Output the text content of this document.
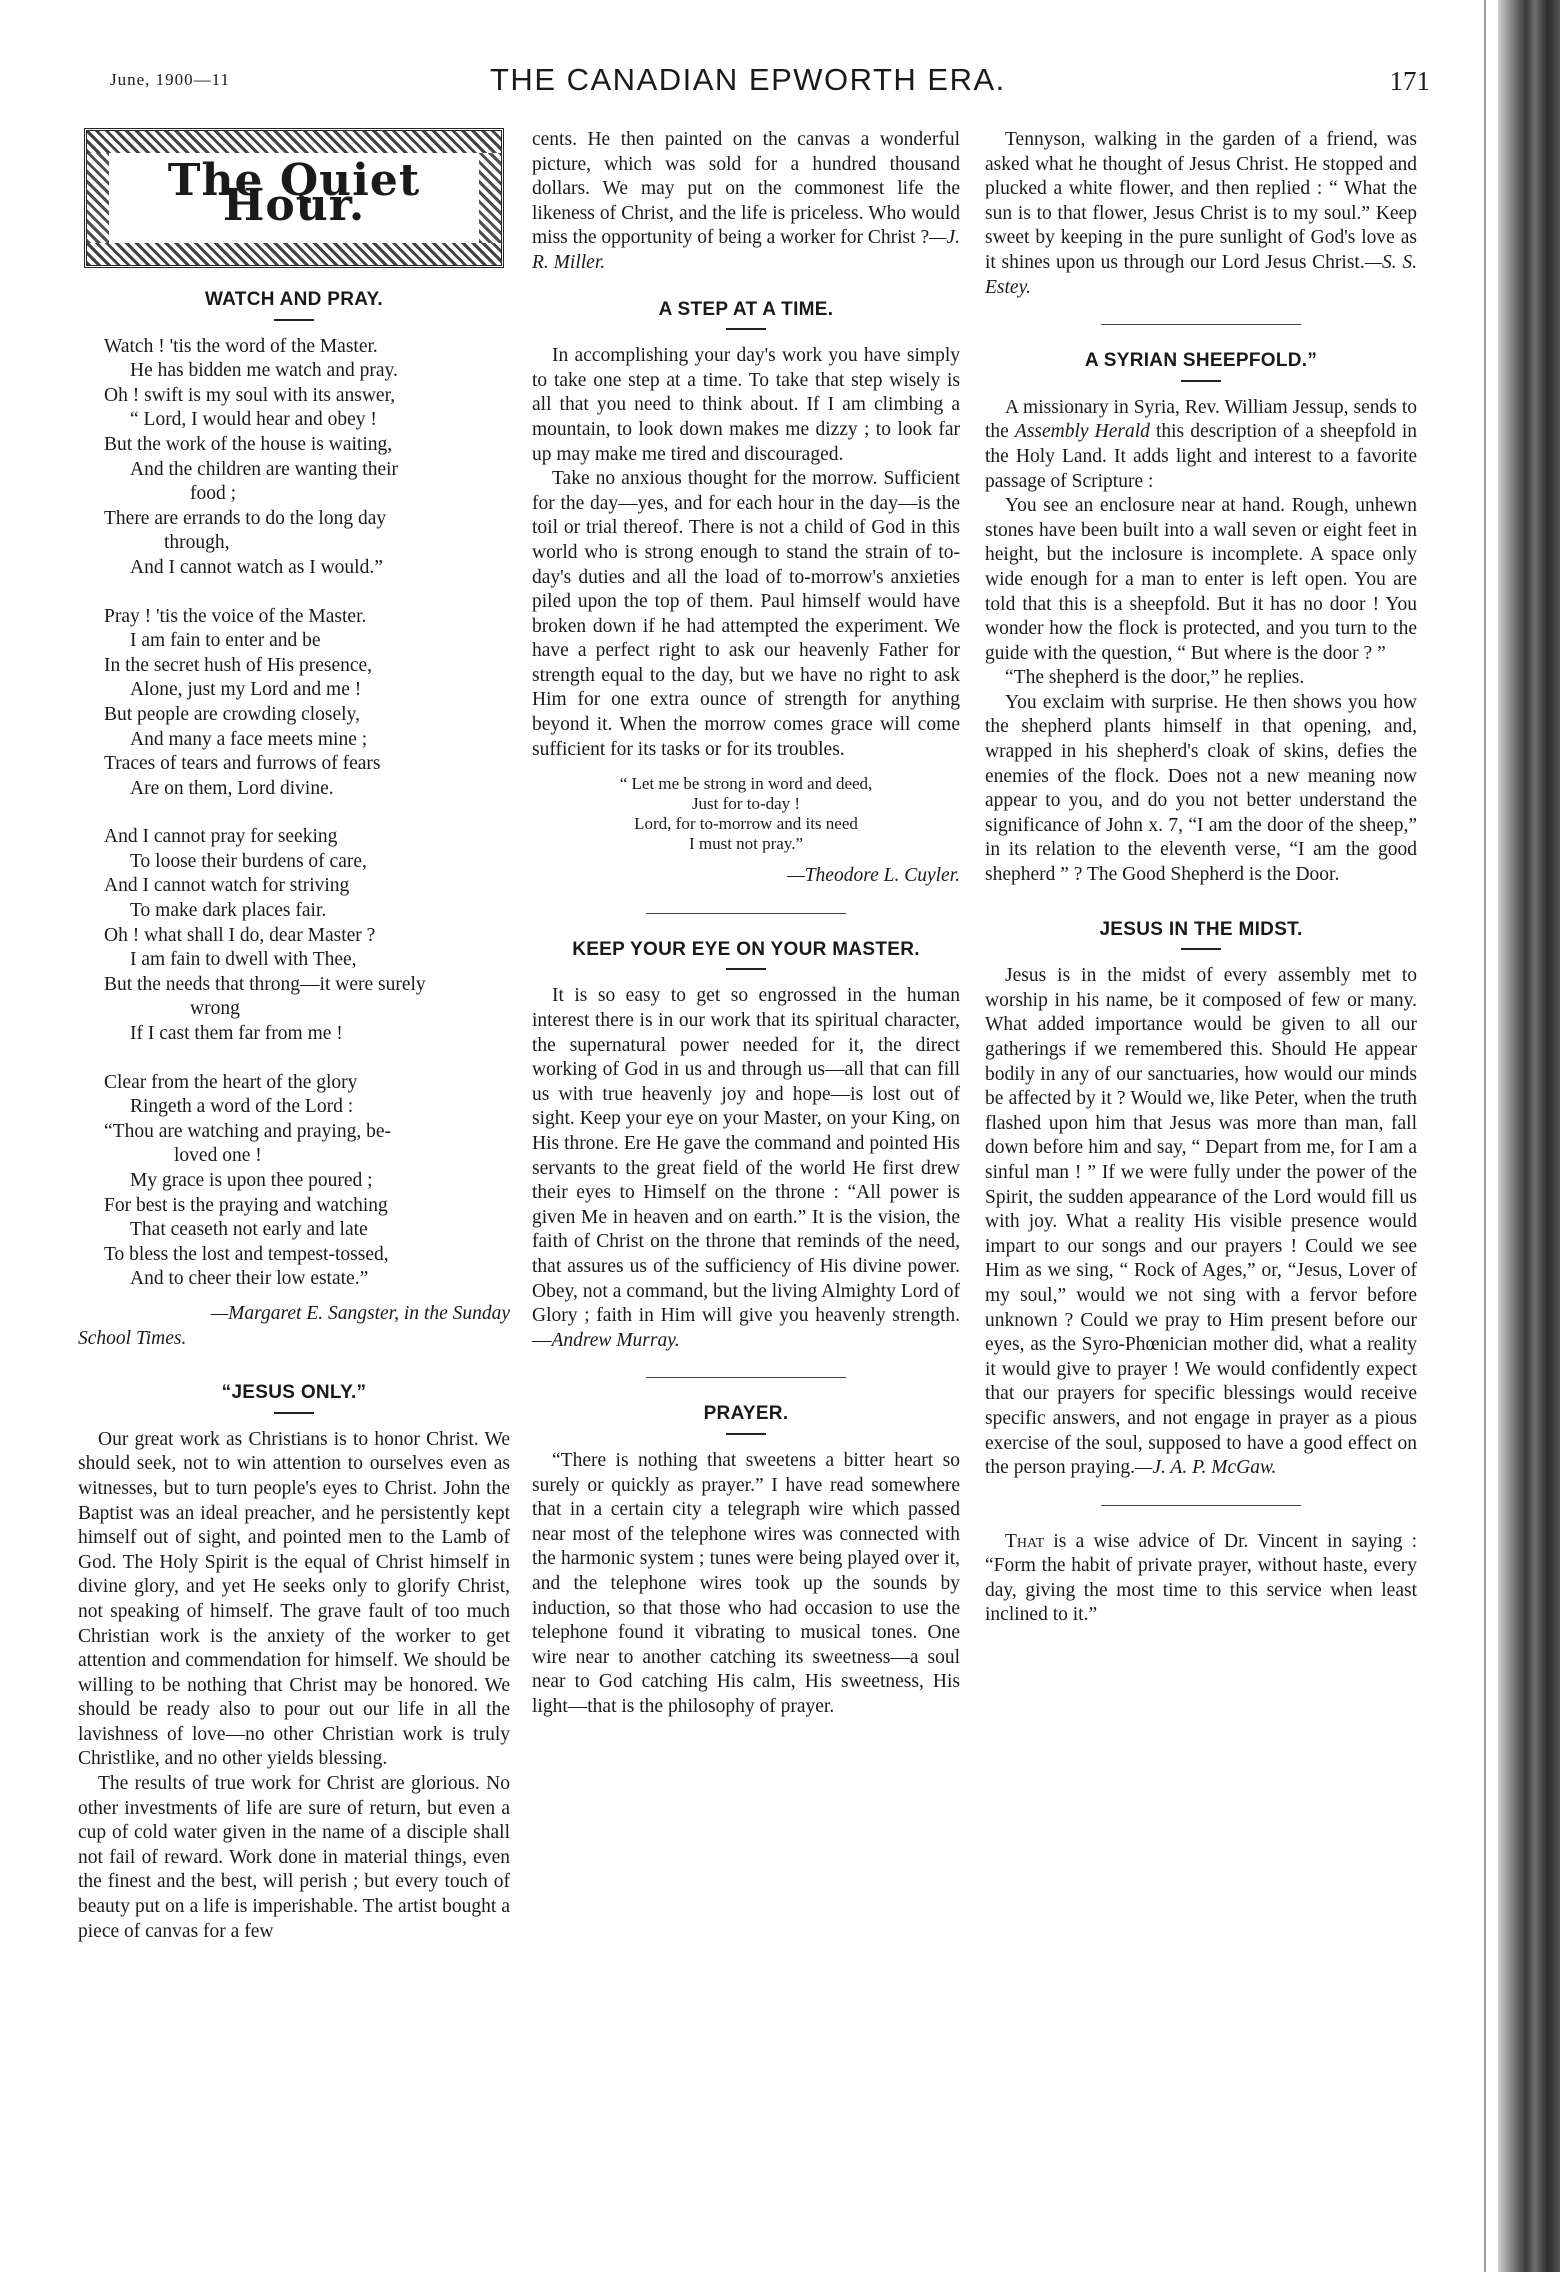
June, 1900—11	THE CANADIAN EPWORTH ERA.	171
The Quiet Hour.
WATCH AND PRAY.
Watch ! 'tis the word of the Master.
He has bidden me watch and pray.
Oh ! swift is my soul with its answer,
“ Lord, I would hear and obey !
But the work of the house is waiting,
And the children are wanting their
food ;
There are errands to do the long day
through,
And I cannot watch as I would.”
Pray ! 'tis the voice of the Master.
I am fain to enter and be
In the secret hush of His presence,
Alone, just my Lord and me !
But people are crowding closely,
And many a face meets mine ;
Traces of tears and furrows of fears
Are on them, Lord divine.
And I cannot pray for seeking
To loose their burdens of care,
And I cannot watch for striving
To make dark places fair.
Oh ! what shall I do, dear Master ?
I am fain to dwell with Thee,
But the needs that throng—it were surely
wrong
If I cast them far from me !
Clear from the heart of the glory
Ringeth a word of the Lord :
“Thou are watching and praying, be-
loved one !
My grace is upon thee poured ;
For best is the praying and watching
That ceaseth not early and late
To bless the lost and tempest-tossed,
And to cheer their low estate.”
—Margaret E. Sangster, in the Sunday
School Times.
“JESUS ONLY.”

Our great work as Christians is to honor Christ. We should seek, not to win attention to ourselves even as witnesses, but to turn people's eyes to Christ. John the Baptist was an ideal preacher, and he persistently kept himself out of sight, and pointed men to the Lamb of God. The Holy Spirit is the equal of Christ himself in divine glory, and yet He seeks only to glorify Christ, not speaking of himself. The grave fault of too much Christian work is the anxiety of the worker to get attention and commendation for himself. We should be willing to be nothing that Christ may be honored. We should be ready also to pour out our life in all the lavishness of love—no other Christian work is truly Christlike, and no other yields blessing.

The results of true work for Christ are glorious. No other investments of life are sure of return, but even a cup of cold water given in the name of a disciple shall not fail of reward. Work done in material things, even the finest and the best, will perish ; but every touch of beauty put on a life is imperishable. The artist bought a piece of canvas for a few

cents. He then painted on the canvas a wonderful picture, which was sold for a hundred thousand dollars. We may put on the commonest life the likeness of Christ, and the life is priceless. Who would miss the opportunity of being a worker for Christ ?—J. R. Miller.

A STEP AT A TIME.

In accomplishing your day's work you have simply to take one step at a time. To take that step wisely is all that you need to think about. If I am climbing a mountain, to look down makes me dizzy ; to look far up may make me tired and discouraged.

Take no anxious thought for the morrow. Sufficient for the day—yes, and for each hour in the day—is the toil or trial thereof. There is not a child of God in this world who is strong enough to stand the strain of to-day's duties and all the load of to-morrow's anxieties piled upon the top of them. Paul himself would have broken down if he had attempted the experiment. We have a perfect right to ask our heavenly Father for strength equal to the day, but we have no right to ask Him for one extra ounce of strength for anything beyond it. When the morrow comes grace will come sufficient for its tasks or for its troubles.

“ Let me be strong in word and deed,
Just for to-day !
Lord, for to-morrow and its need
I must not pray.”
—Theodore L. Cuyler.
KEEP YOUR EYE ON YOUR MASTER.

It is so easy to get so engrossed in the human interest there is in our work that its spiritual character, the supernatural power needed for it, the direct working of God in us and through us—all that can fill us with true heavenly joy and hope—is lost out of sight. Keep your eye on your Master, on your King, on His throne. Ere He gave the command and pointed His servants to the great field of the world He first drew their eyes to Himself on the throne : “All power is given Me in heaven and on earth.” It is the vision, the faith of Christ on the throne that reminds of the need, that assures us of the sufficiency of His divine power. Obey, not a command, but the living Almighty Lord of Glory ; faith in Him will give you heavenly strength.—Andrew Murray.

PRAYER.

“There is nothing that sweetens a bitter heart so surely or quickly as prayer.” I have read somewhere that in a certain city a telegraph wire which passed near most of the telephone wires was connected with the harmonic system ; tunes were being played over it, and the telephone wires took up the sounds by induction, so that those who had occasion to use the telephone found it vibrating to musical tones. One wire near to another catching its sweetness—a soul near to God catching His calm, His sweetness, His light—that is the philosophy of prayer.

Tennyson, walking in the garden of a friend, was asked what he thought of Jesus Christ. He stopped and plucked a white flower, and then replied : “ What the sun is to that flower, Jesus Christ is to my soul.” Keep sweet by keeping in the pure sunlight of God's love as it shines upon us through our Lord Jesus Christ.—S. S. Estey.

A SYRIAN SHEEPFOLD.”

A missionary in Syria, Rev. William Jessup, sends to the Assembly Herald this description of a sheepfold in the Holy Land. It adds light and interest to a favorite passage of Scripture :

You see an enclosure near at hand. Rough, unhewn stones have been built into a wall seven or eight feet in height, but the inclosure is incomplete. A space only wide enough for a man to enter is left open. You are told that this is a sheepfold. But it has no door ! You wonder how the flock is protected, and you turn to the guide with the question, “ But where is the door ? ”

“The shepherd is the door,” he replies.

You exclaim with surprise. He then shows you how the shepherd plants himself in that opening, and, wrapped in his shepherd's cloak of skins, defies the enemies of the flock. Does not a new meaning now appear to you, and do you not better understand the significance of John x. 7, “I am the door of the sheep,” in its relation to the eleventh verse, “I am the good shepherd ” ? The Good Shepherd is the Door.

JESUS IN THE MIDST.

Jesus is in the midst of every assembly met to worship in his name, be it composed of few or many. What added importance would be given to all our gatherings if we remembered this. Should He appear bodily in any of our sanctuaries, how would our minds be affected by it ? Would we, like Peter, when the truth flashed upon him that Jesus was more than man, fall down before him and say, “ Depart from me, for I am a sinful man ! ” If we were fully under the power of the Spirit, the sudden appearance of the Lord would fill us with joy. What a reality His visible presence would impart to our songs and our prayers ! Could we see Him as we sing, “ Rock of Ages,” or, “Jesus, Lover of my soul,” would we not sing with a fervor before unknown ? Could we pray to Him present before our eyes, as the Syro-Phœnician mother did, what a reality it would give to prayer ! We would confidently expect that our prayers for specific blessings would receive specific answers, and not engage in prayer as a pious exercise of the soul, supposed to have a good effect on the person praying.—J. A. P. McGaw.

That is a wise advice of Dr. Vincent in saying : “Form the habit of private prayer, without haste, every day, giving the most time to this service when least inclined to it.”
